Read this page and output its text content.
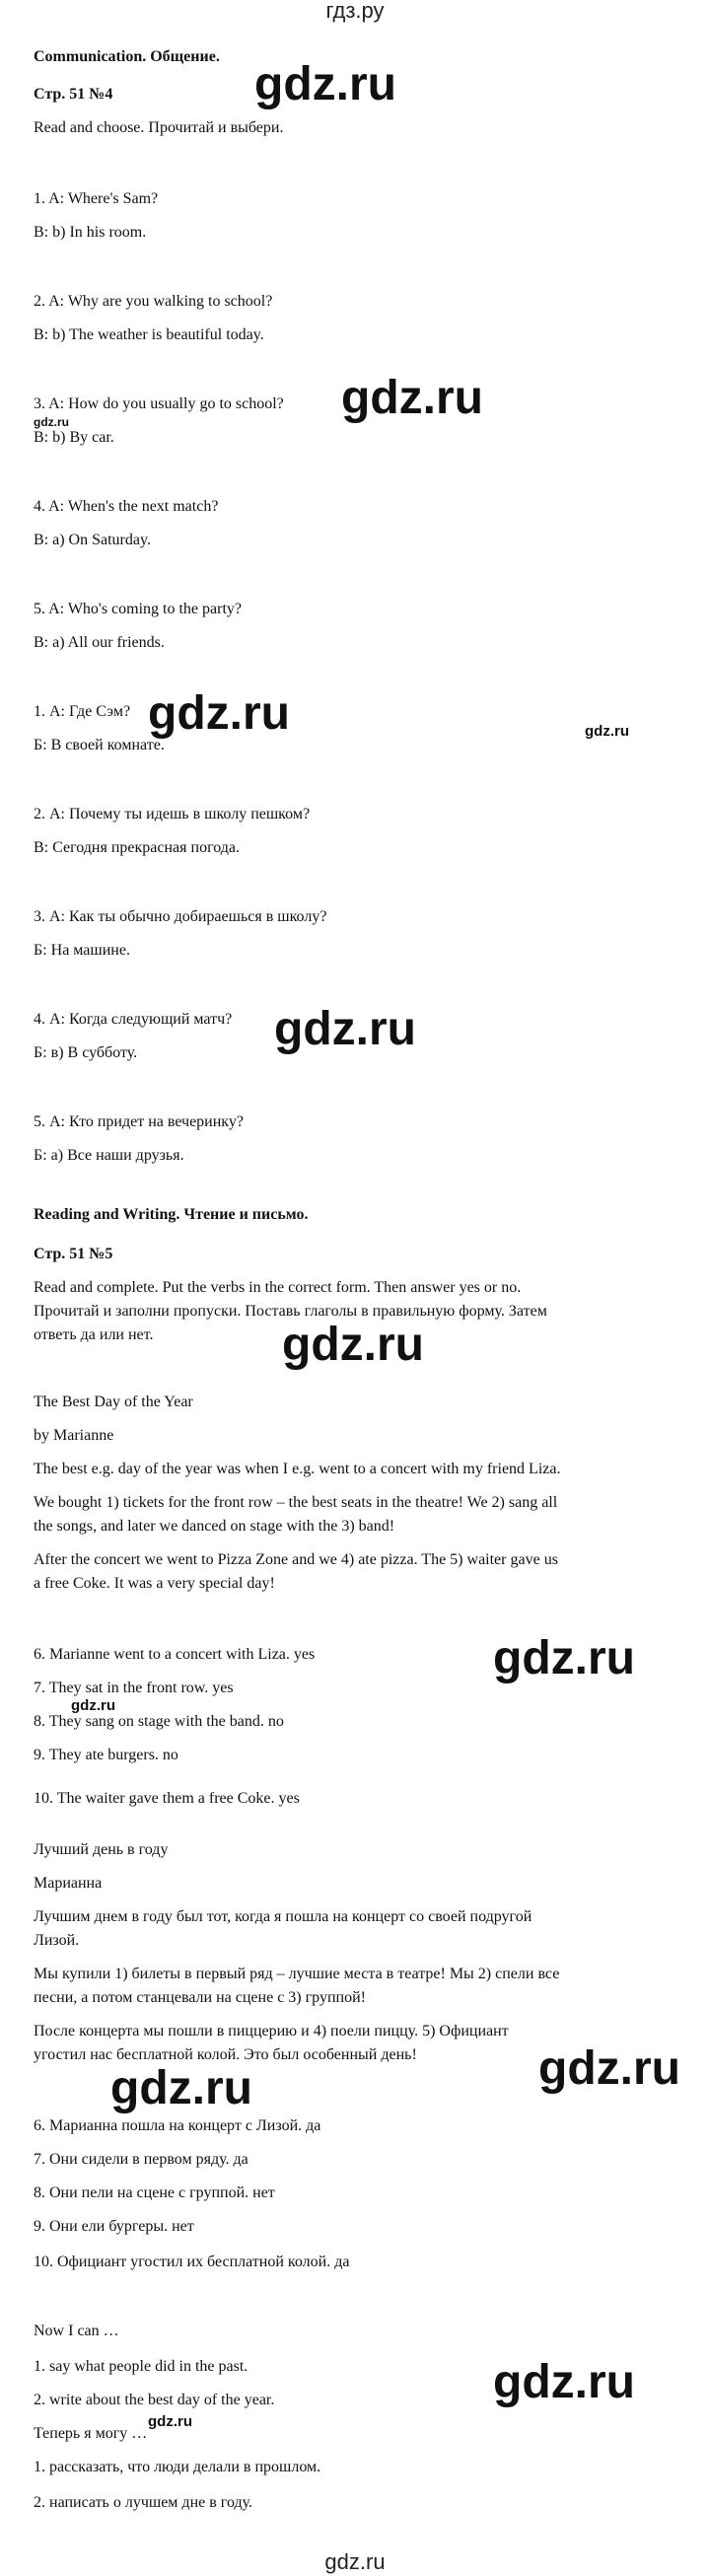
гдз.ру
Communication. Общение.
Стр. 51 №4
Read and choose. Прочитай и выбери.
1. A: Where's Sam?
B: b) In his room.
2. A: Why are you walking to school?
B: b) The weather is beautiful today.
3. A: How do you usually go to school?
B: b) By car.
4. A: When's the next match?
B: a) On Saturday.
5. A: Who's coming to the party?
B: a) All our friends.
1. А: Где Сэм?
Б: В своей комнате.
2. А: Почему ты идешь в школу пешком?
В: Сегодня прекрасная погода.
3. А: Как ты обычно добираешься в школу?
Б: На машине.
4. А: Когда следующий матч?
Б: в) В субботу.
5. А: Кто придет на вечеринку?
Б: а) Все наши друзья.
Reading and Writing. Чтение и письмо.
Стр. 51 №5
Read and complete. Put the verbs in the correct form. Then answer yes or no.
Прочитай и заполни пропуски. Поставь глаголы в правильную форму. Затем
ответь да или нет.
The Best Day of the Year
by Marianne
The best e.g. day of the year was when I e.g. went to a concert with my friend Liza.
We bought 1) tickets for the front row – the best seats in the theatre! We 2) sang all
the songs, and later we danced on stage with the 3) band!
After the concert we went to Pizza Zone and we 4) ate pizza. The 5) waiter gave us
a free Coke. It was a very special day!
6. Marianne went to a concert with Liza. yes
7. They sat in the front row. yes
8. They sang on stage with the band. no
9. They ate burgers. no
10. The waiter gave them a free Coke. yes
Лучший день в году
Марианна
Лучшим днем в году был тот, когда я пошла на концерт со своей подругой
Лизой.
Мы купили 1) билеты в первый ряд – лучшие места в театре! Мы 2) спели все
песни, а потом станцевали на сцене с 3) группой!
После концерта мы пошли в пиццерию и 4) поели пиццу. 5) Официант
угостил нас бесплатной колой. Это был особенный день!
6. Марианна пошла на концерт с Лизой. да
7. Они сидели в первом ряду. да
8. Они пели на сцене с группой. нет
9. Они ели бургеры. нет
10. Официант угостил их бесплатной колой. да
Now I can …
1. say what people did in the past.
2. write about the best day of the year.
Теперь я могу …
1. рассказать, что люди делали в прошлом.
2. написать о лучшем дне в году.
gdz.ru
gdz.ru
gdz.ru
gdz.ru	gdz.ru
gdz.ru
gdz.ru
gdz.ru
gdz.ru
gdz.ru
gdz.ru
gdz.ru
gdz.ru
gdz.ru
